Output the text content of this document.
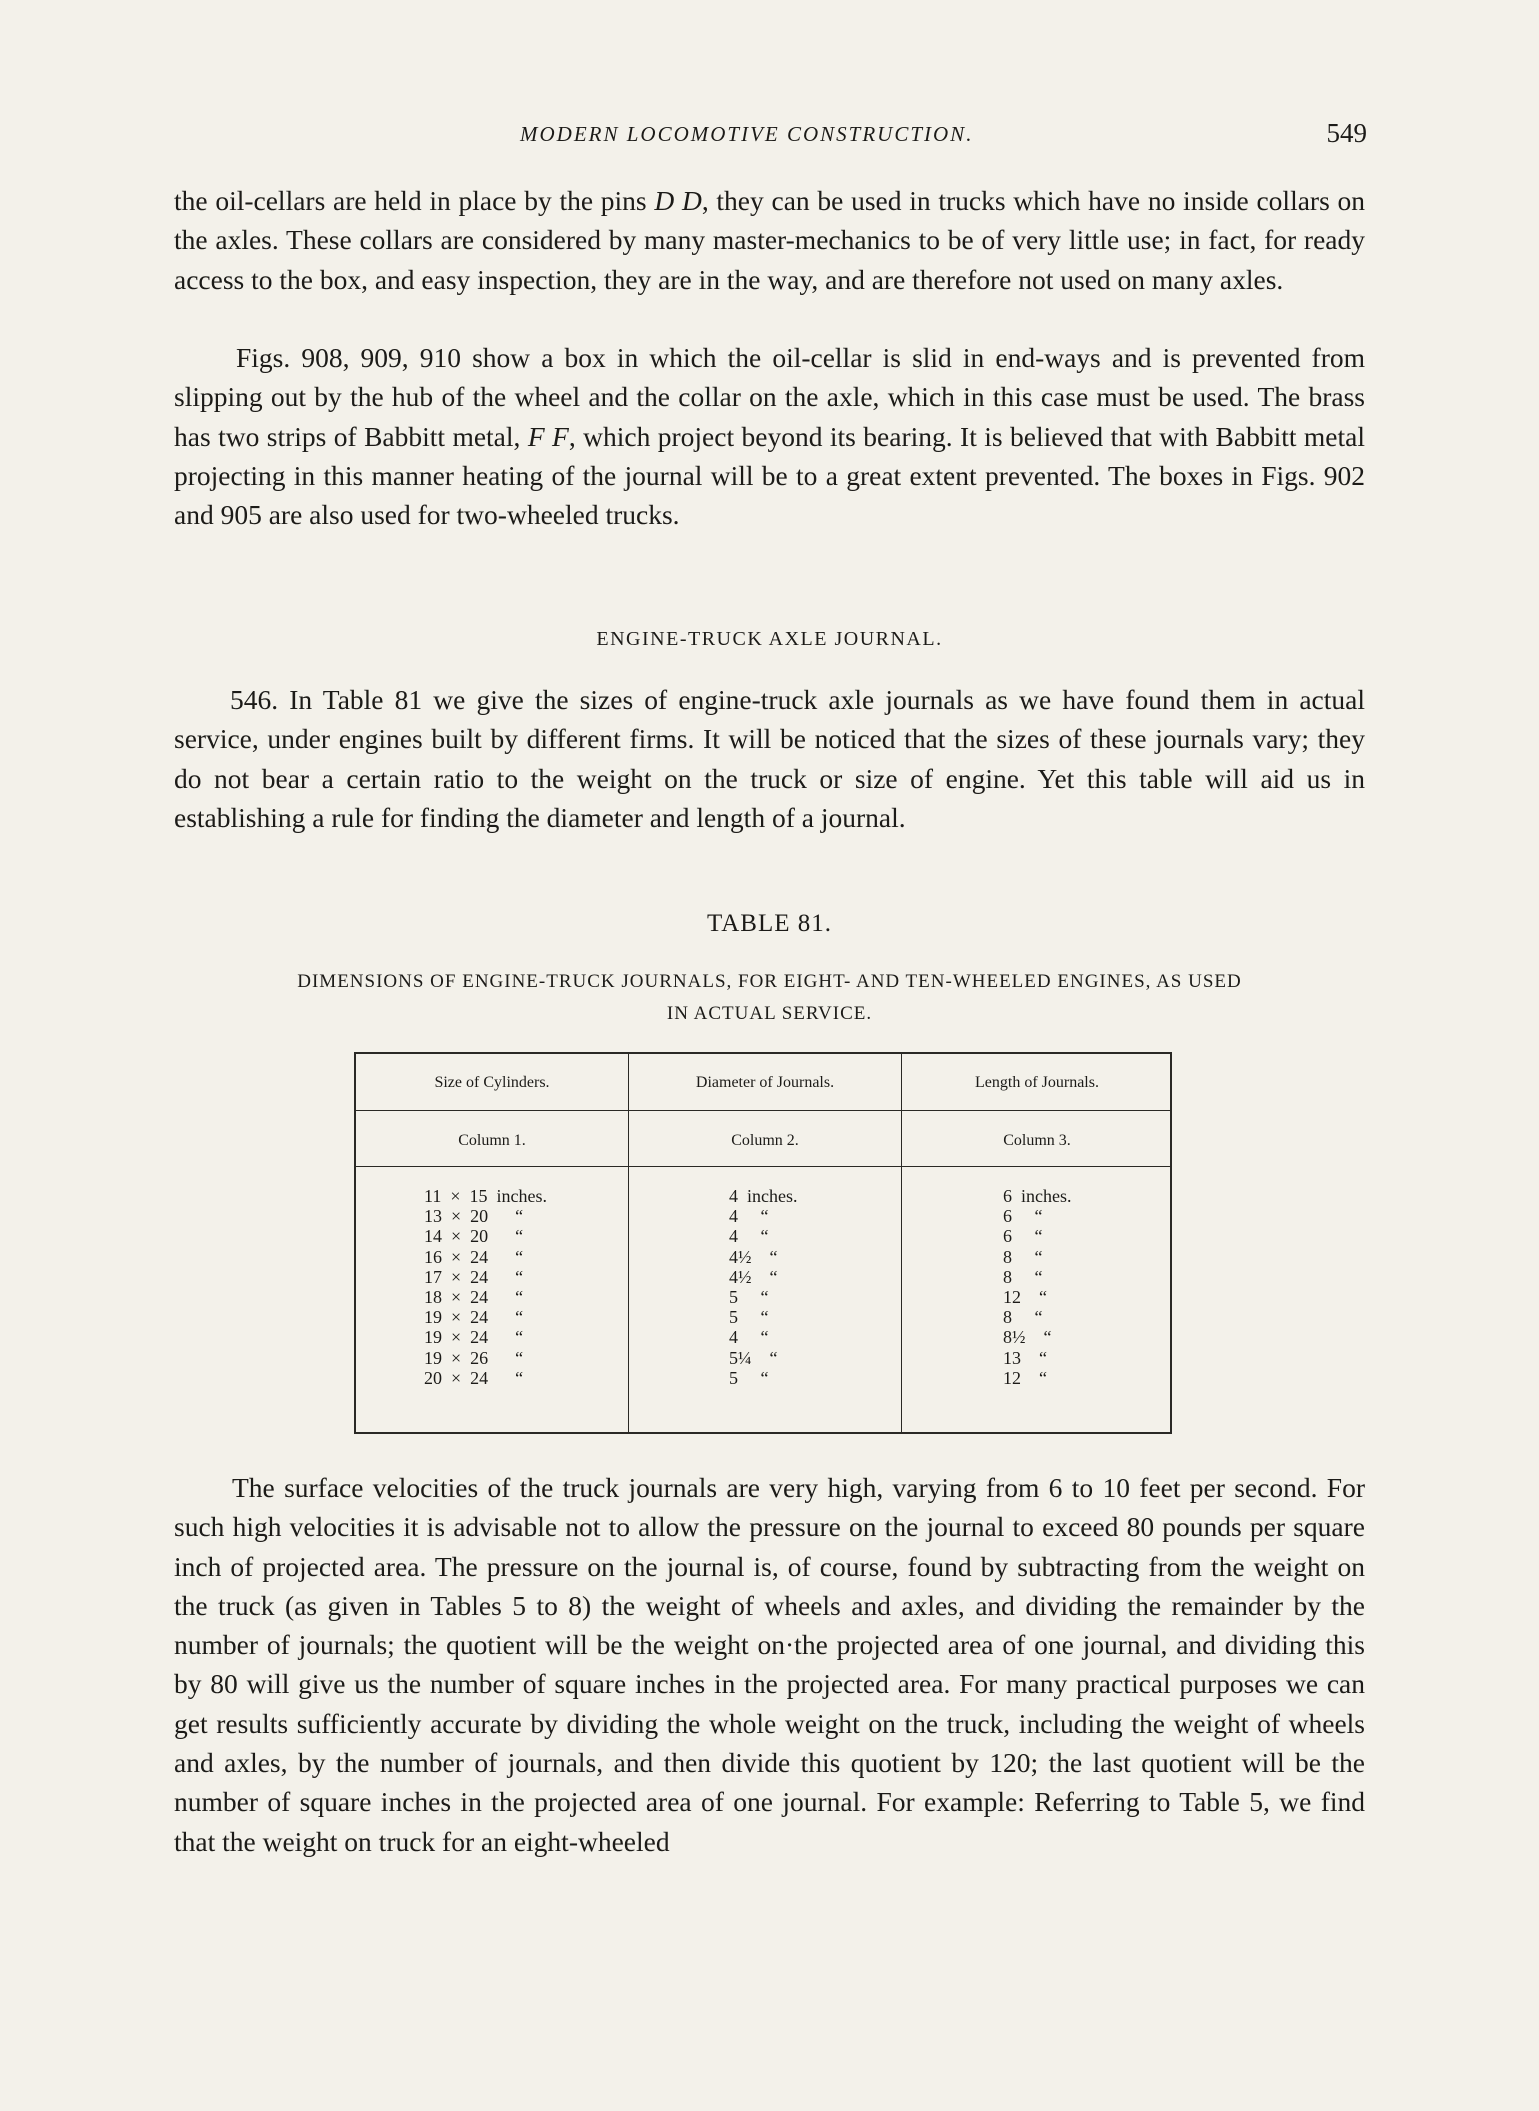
MODERN LOCOMOTIVE CONSTRUCTION.	549

the oil-cellars are held in place by the pins D D, they can be used in trucks which have no inside collars on the axles. These collars are considered by many master-mechanics to be of very little use; in fact, for ready access to the box, and easy inspection, they are in the way, and are therefore not used on many axles.

Figs. 908, 909, 910 show a box in which the oil-cellar is slid in end-ways and is prevented from slipping out by the hub of the wheel and the collar on the axle, which in this case must be used. The brass has two strips of Babbitt metal, F F, which project beyond its bearing. It is believed that with Babbitt metal projecting in this manner heating of the journal will be to a great extent prevented. The boxes in Figs. 902 and 905 are also used for two-wheeled trucks.

ENGINE-TRUCK AXLE JOURNAL.

546. In Table 81 we give the sizes of engine-truck axle journals as we have found them in actual service, under engines built by different firms. It will be noticed that the sizes of these journals vary; they do not bear a certain ratio to the weight on the truck or size of engine. Yet this table will aid us in establishing a rule for finding the diameter and length of a journal.

TABLE 81.
DIMENSIONS OF ENGINE-TRUCK JOURNALS, FOR EIGHT- AND TEN-WHEELED ENGINES, AS USED
IN ACTUAL SERVICE.
Size of Cylinders.	Diameter of Journals.	Length of Journals.
Column 1.	Column 2.	Column 3.
11  ×  15  inches.	4  inches.	6  inches.
13  ×  20      “	4     “	6     “
14  ×  20      “	4     “	6     “
16  ×  24      “	4½    “	8     “
17  ×  24      “	4½    “	8     “
18  ×  24      “	5     “	12    “
19  ×  24      “	5     “	8     “
19  ×  24      “	4     “	8½    “
19  ×  26      “	5¼    “	13    “
20  ×  24      “	5     “	12    “

The surface velocities of the truck journals are very high, varying from 6 to 10 feet per second. For such high velocities it is advisable not to allow the pressure on the journal to exceed 80 pounds per square inch of projected area. The pressure on the journal is, of course, found by subtracting from the weight on the truck (as given in Tables 5 to 8) the weight of wheels and axles, and dividing the remainder by the number of journals; the quotient will be the weight on·the projected area of one journal, and dividing this by 80 will give us the number of square inches in the projected area. For many practical purposes we can get results sufficiently accurate by dividing the whole weight on the truck, including the weight of wheels and axles, by the number of journals, and then divide this quotient by 120; the last quotient will be the number of square inches in the projected area of one journal. For example: Referring to Table 5, we find that the weight on truck for an eight-wheeled
